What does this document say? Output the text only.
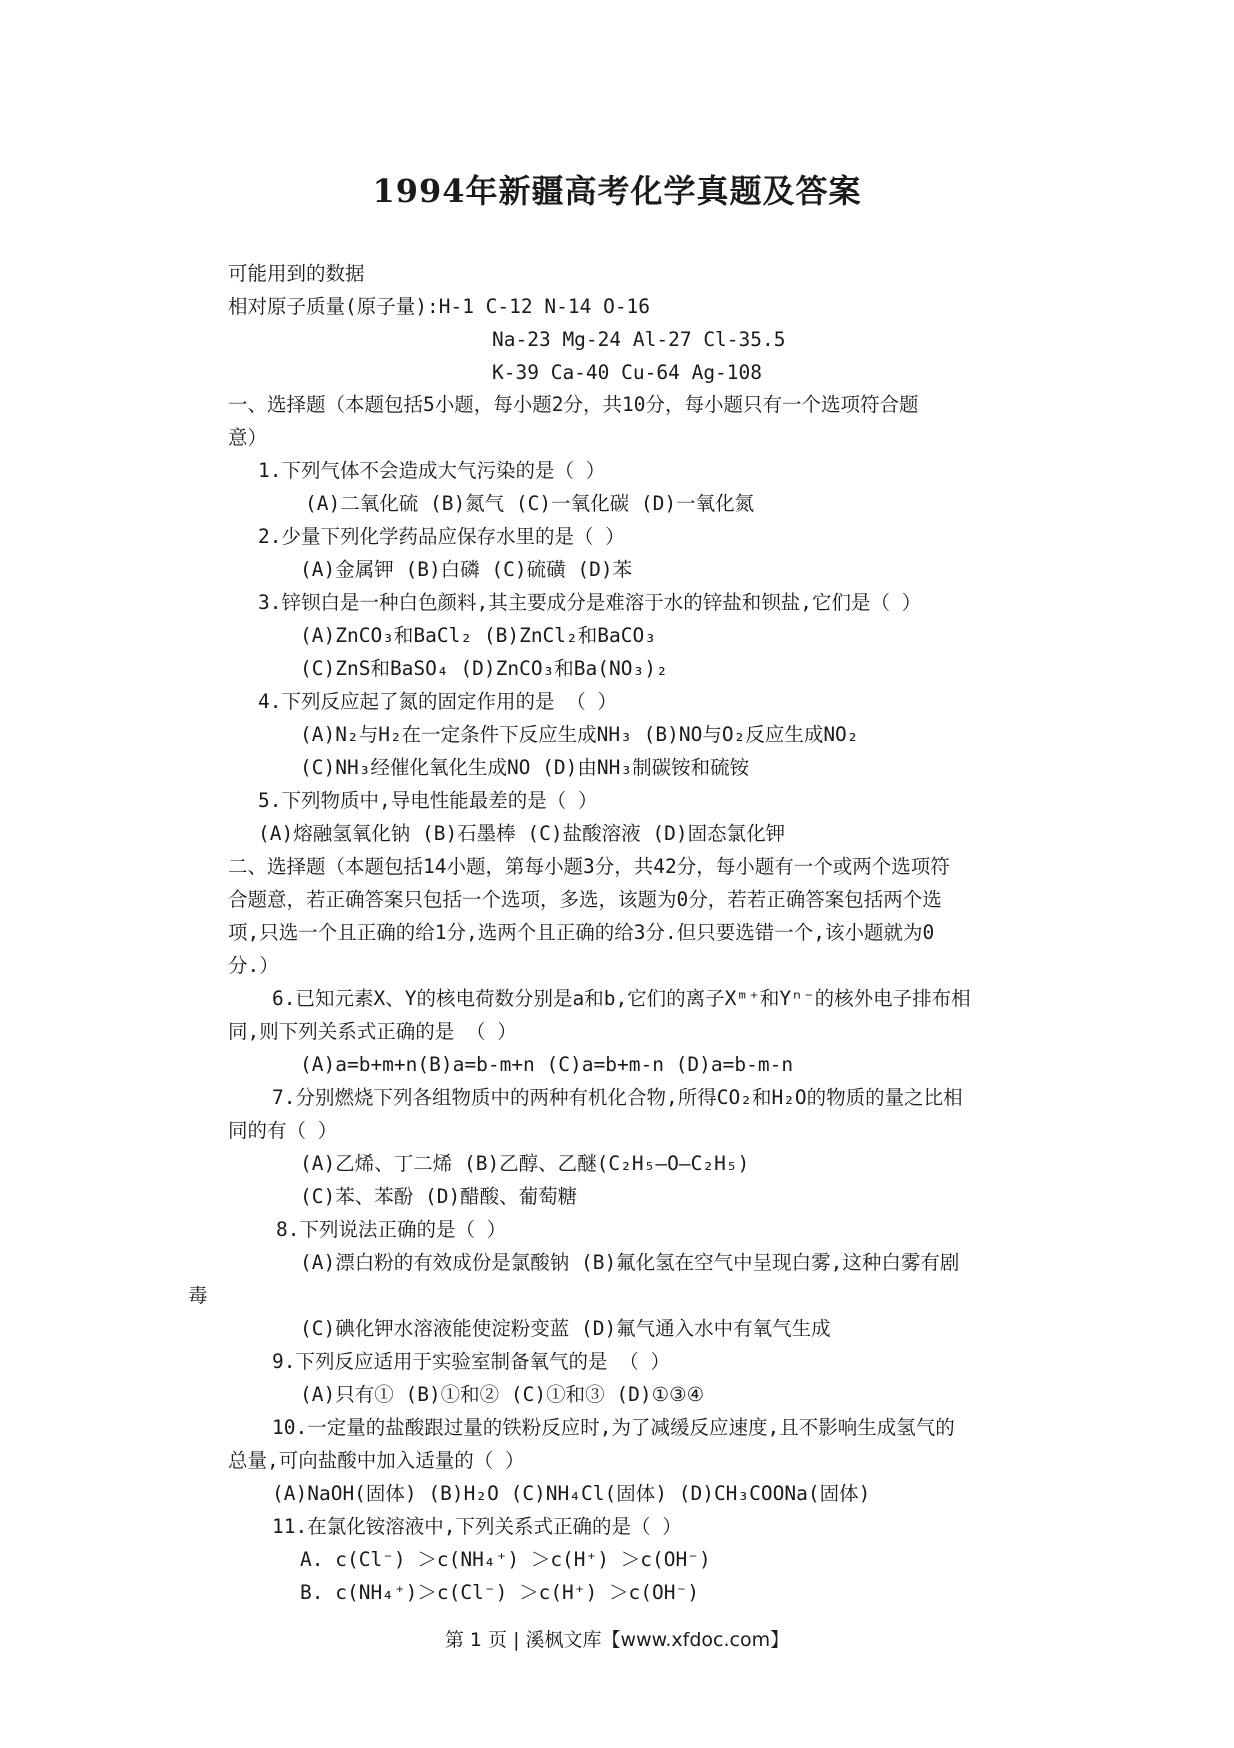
1994年新疆高考化学真题及答案
可能用到的数据
相对原子质量(原子量):H-1 C-12 N-14 O-16
Na-23 Mg-24 Al-27 Cl-35.5
K-39 Ca-40 Cu-64 Ag-108
一、选择题（本题包括5小题，每小题2分，共10分，每小题只有一个选项符合题
意）
1.下列气体不会造成大气污染的是（ ）
(A)二氧化硫 (B)氮气 (C)一氧化碳 (D)一氧化氮
2.少量下列化学药品应保存水里的是（ ）
(A)金属钾 (B)白磷 (C)硫磺 (D)苯
3.锌钡白是一种白色颜料,其主要成分是难溶于水的锌盐和钡盐,它们是（ ）
(A)ZnCO₃和BaCl₂ (B)ZnCl₂和BaCO₃
(C)ZnS和BaSO₄ (D)ZnCO₃和Ba(NO₃)₂
4.下列反应起了氮的固定作用的是 （ ）
(A)N₂与H₂在一定条件下反应生成NH₃ (B)NO与O₂反应生成NO₂
(C)NH₃经催化氧化生成NO (D)由NH₃制碳铵和硫铵
5.下列物质中,导电性能最差的是（ ）
(A)熔融氢氧化钠 (B)石墨棒 (C)盐酸溶液 (D)固态氯化钾
二、选择题（本题包括14小题，第每小题3分，共42分，每小题有一个或两个选项符
合题意，若正确答案只包括一个选项，多选，该题为0分，若若正确答案包括两个选
项,只选一个且正确的给1分,选两个且正确的给3分.但只要选错一个,该小题就为0
分.）
6.已知元素X、Y的核电荷数分别是a和b,它们的离子Xᵐ⁺和Yⁿ⁻的核外电子排布相
同,则下列关系式正确的是 （ ）
(A)a=b+m+n(B)a=b-m+n (C)a=b+m-n (D)a=b-m-n
7.分别燃烧下列各组物质中的两种有机化合物,所得CO₂和H₂O的物质的量之比相
同的有（ ）
(A)乙烯、丁二烯 (B)乙醇、乙醚(C₂H₅—O—C₂H₅)
(C)苯、苯酚 (D)醋酸、葡萄糖
8.下列说法正确的是（ ）
(A)漂白粉的有效成份是氯酸钠 (B)氟化氢在空气中呈现白雾,这种白雾有剧
毒
(C)碘化钾水溶液能使淀粉变蓝 (D)氟气通入水中有氧气生成
9.下列反应适用于实验室制备氧气的是 （ ）
(A)只有① (B)①和② (C)①和③ (D)①③④
10.一定量的盐酸跟过量的铁粉反应时,为了减缓反应速度,且不影响生成氢气的
总量,可向盐酸中加入适量的（ ）
(A)NaOH(固体) (B)H₂O (C)NH₄Cl(固体) (D)CH₃COONa(固体)
11.在氯化铵溶液中,下列关系式正确的是（ ）
A. c(Cl⁻) ＞c(NH₄⁺) ＞c(H⁺) ＞c(OH⁻)
B. c(NH₄⁺)＞c(Cl⁻) ＞c(H⁺) ＞c(OH⁻)
第 1 页 | 溪枫文库【www.xfdoc.com】
